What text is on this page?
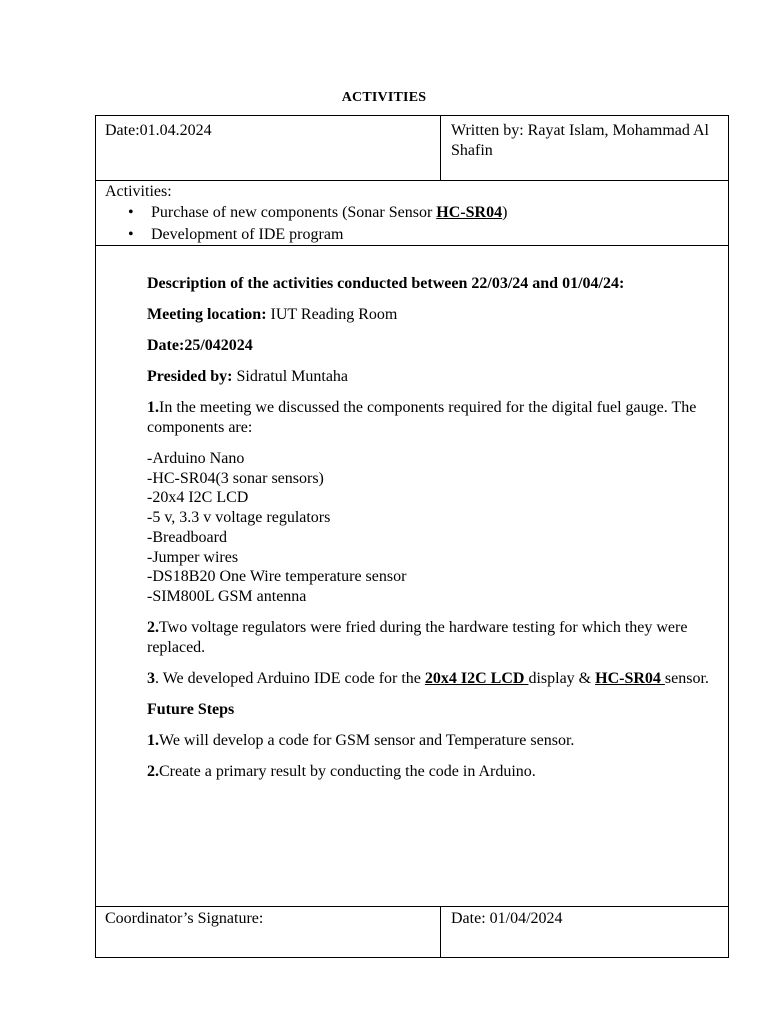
ACTIVITIES
Date:01.04.2024	Written by: Rayat Islam, Mohammad Al Shafin
Activities:
• Purchase of new components (Sonar Sensor HC-SR04)
• Development of IDE program

Description of the activities conducted between 22/03/24 and 01/04/24:

Meeting location: IUT Reading Room

Date:25/042024

Presided by: Sidratul Muntaha

1.In the meeting we discussed the components required for the digital fuel gauge. The components are:

-Arduino Nano
-HC-SR04(3 sonar sensors)
-20x4 I2C LCD
-5 v, 3.3 v voltage regulators
-Breadboard
-Jumper wires
-DS18B20 One Wire temperature sensor
-SIM800L GSM antenna

2.Two voltage regulators were fried during the hardware testing for which they were replaced.

3. We developed Arduino IDE code for the 20x4 I2C LCD display & HC-SR04 sensor.

Future Steps

1.We will develop a code for GSM sensor and Temperature sensor.

2.Create a primary result by conducting the code in Arduino.

Coordinator’s Signature:	Date: 01/04/2024
